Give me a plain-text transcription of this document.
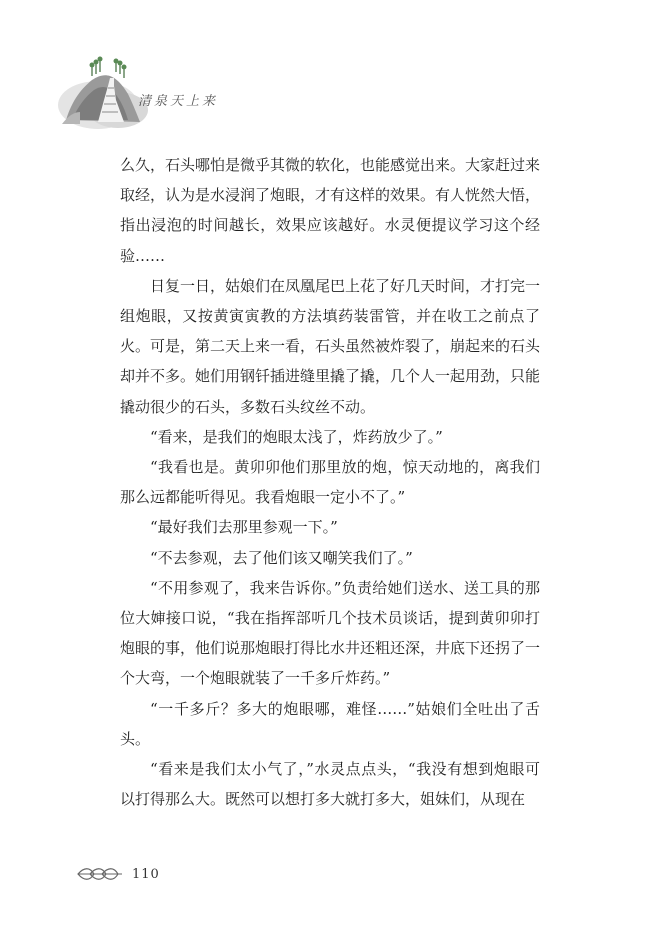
清泉天上来

么久，石头哪怕是微乎其微的软化，也能感觉出来。大家赶过来取经，认为是水浸润了炮眼，才有这样的效果。有人恍然大悟，指出浸泡的时间越长，效果应该越好。水灵便提议学习这个经验……

日复一日，姑娘们在凤凰尾巴上花了好几天时间，才打完一组炮眼，又按黄寅寅教的方法填药装雷管，并在收工之前点了火。可是，第二天上来一看，石头虽然被炸裂了，崩起来的石头却并不多。她们用钢钎插进缝里撬了撬，几个人一起用劲，只能撬动很少的石头，多数石头纹丝不动。

“看来，是我们的炮眼太浅了，炸药放少了。”

“我看也是。黄卯卯他们那里放的炮，惊天动地的，离我们那么远都能听得见。我看炮眼一定小不了。”

“最好我们去那里参观一下。”

“不去参观，去了他们该又嘲笑我们了。”

“不用参观了，我来告诉你。”负责给她们送水、送工具的那位大婶接口说，“我在指挥部听几个技术员谈话，提到黄卯卯打炮眼的事，他们说那炮眼打得比水井还粗还深，井底下还拐了一个大弯，一个炮眼就装了一千多斤炸药。”

“一千多斤？多大的炮眼哪，难怪……”姑娘们全吐出了舌头。

“看来是我们太小气了，”水灵点点头，“我没有想到炮眼可以打得那么大。既然可以想打多大就打多大，姐妹们，从现在

110
